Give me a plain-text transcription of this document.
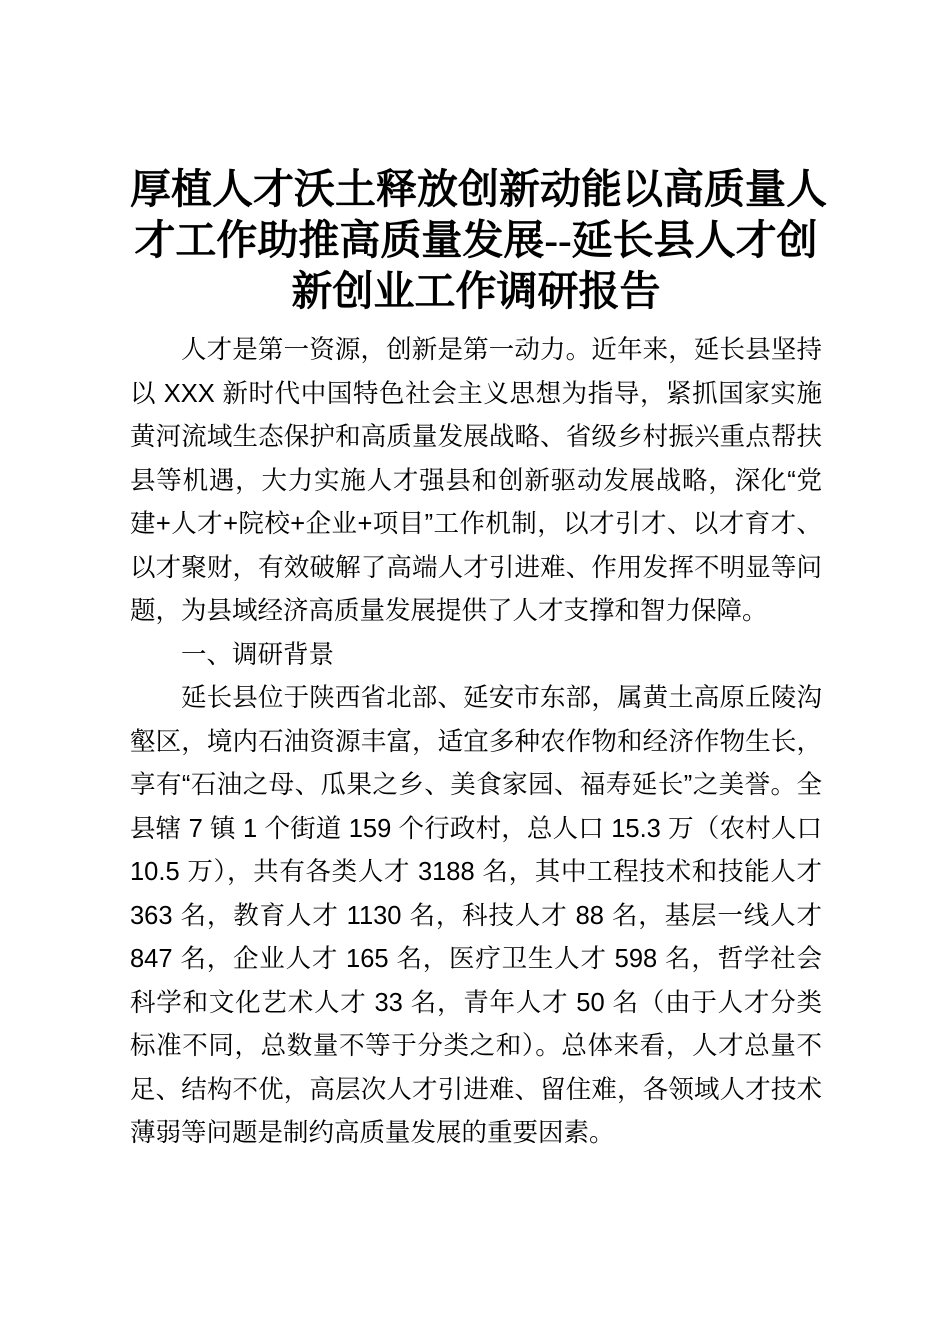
厚植人才沃土释放创新动能以高质量人
才工作助推高质量发展--延长县人才创
新创业工作调研报告

人才是第一资源，创新是第一动力。近年来，延长县坚持以 XXX 新时代中国特色社会主义思想为指导，紧抓国家实施黄河流域生态保护和高质量发展战略、省级乡村振兴重点帮扶县等机遇，大力实施人才强县和创新驱动发展战略，深化“党建+人才+院校+企业+项目”工作机制，以才引才、以才育才、以才聚财，有效破解了高端人才引进难、作用发挥不明显等问题，为县域经济高质量发展提供了人才支撑和智力保障。

一、调研背景

延长县位于陕西省北部、延安市东部，属黄土高原丘陵沟壑区，境内石油资源丰富，适宜多种农作物和经济作物生长，享有“石油之母、瓜果之乡、美食家园、福寿延长”之美誉。全县辖 7 镇 1 个街道 159 个行政村，总人口 15.3 万（农村人口 10.5 万），共有各类人才 3188 名，其中工程技术和技能人才 363 名，教育人才 1130 名，科技人才 88 名，基层一线人才 847 名，企业人才 165 名，医疗卫生人才 598 名，哲学社会科学和文化艺术人才 33 名，青年人才 50 名（由于人才分类标准不同，总数量不等于分类之和）。总体来看，人才总量不足、结构不优，高层次人才引进难、留住难，各领域人才技术薄弱等问题是制约高质量发展的重要因素。
